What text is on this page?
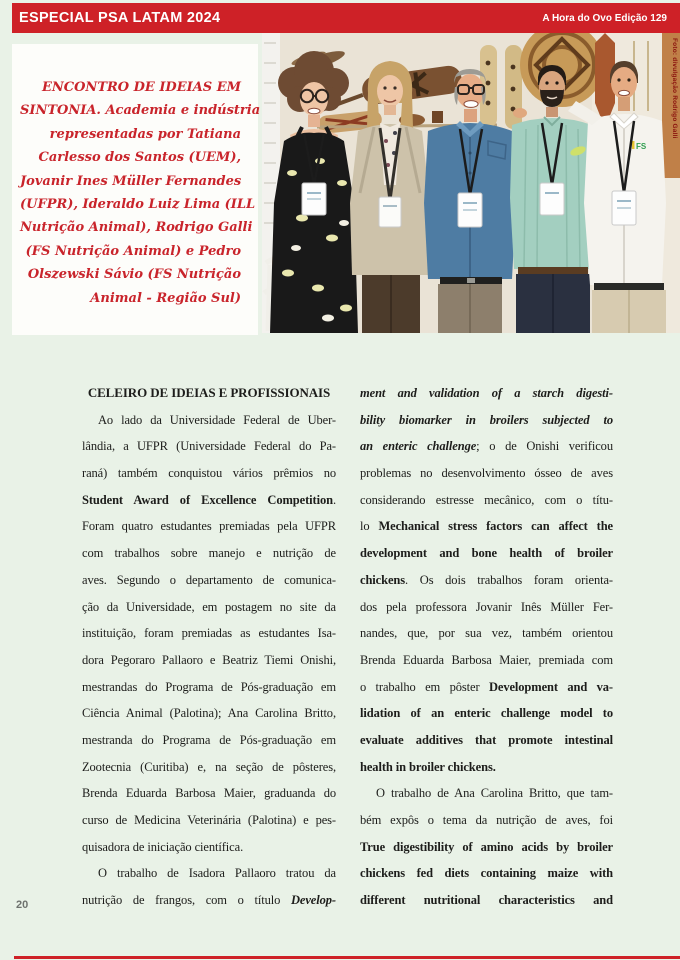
ESPECIAL PSA LATAM 2024	A Hora do Ovo Edição 129
ENCONTRO DE IDEIAS EM
SINTONIA. Academia e indústria
representadas por Tatiana
Carlesso dos Santos (UEM),
Jovanir Ines Müller Fernandes
(UFPR), Ideraldo Luiz Lima (ILL
Nutrição Animal), Rodrigo Galli
(FS Nutrição Animal) e Pedro
Olszewski Sávio (FS Nutrição
Animal - Região Sul)
FS
Foto: divulgação Rodrigo Galli
CELEIRO DE IDEIAS E PROFISSIONAIS
Ao lado da Universidade Federal de Uber-
lândia, a UFPR (Universidade Federal do Pa-
raná) também conquistou vários prêmios no
Student Award of Excellence Competition.
Foram quatro estudantes premiadas pela UFPR
com trabalhos sobre manejo e nutrição de
aves. Segundo o departamento de comunica-
ção da Universidade, em postagem no site da
instituição, foram premiadas as estudantes Isa-
dora Pegoraro Pallaoro e Beatriz Tiemi Onishi,
mestrandas do Programa de Pós-graduação em
Ciência Animal (Palotina); Ana Carolina Britto,
mestranda do Programa de Pós-graduação em
Zootecnia (Curitiba) e, na seção de pôsteres,
Brenda Eduarda Barbosa Maier, graduanda do
curso de Medicina Veterinária (Palotina) e pes-
quisadora de iniciação científica.
O trabalho de Isadora Pallaoro tratou da
nutrição de frangos, com o título Develop-
ment and validation of a starch digesti-
bility biomarker in broilers subjected to
an enteric challenge; o de Onishi verificou
problemas no desenvolvimento ósseo de aves
considerando estresse mecânico, com o títu-
lo Mechanical stress factors can affect the
development and bone health of broiler
chickens. Os dois trabalhos foram orienta-
dos pela professora Jovanir Inês Müller Fer-
nandes, que, por sua vez, também orientou
Brenda Eduarda Barbosa Maier, premiada com
o trabalho em pôster Development and va-
lidation of an enteric challenge model to
evaluate additives that promote intestinal
health in broiler chickens.
O trabalho de Ana Carolina Britto, que tam-
bém expôs o tema da nutrição de aves, foi
True digestibility of amino acids by broiler
chickens fed diets containing maize with
different nutritional characteristics and
20
